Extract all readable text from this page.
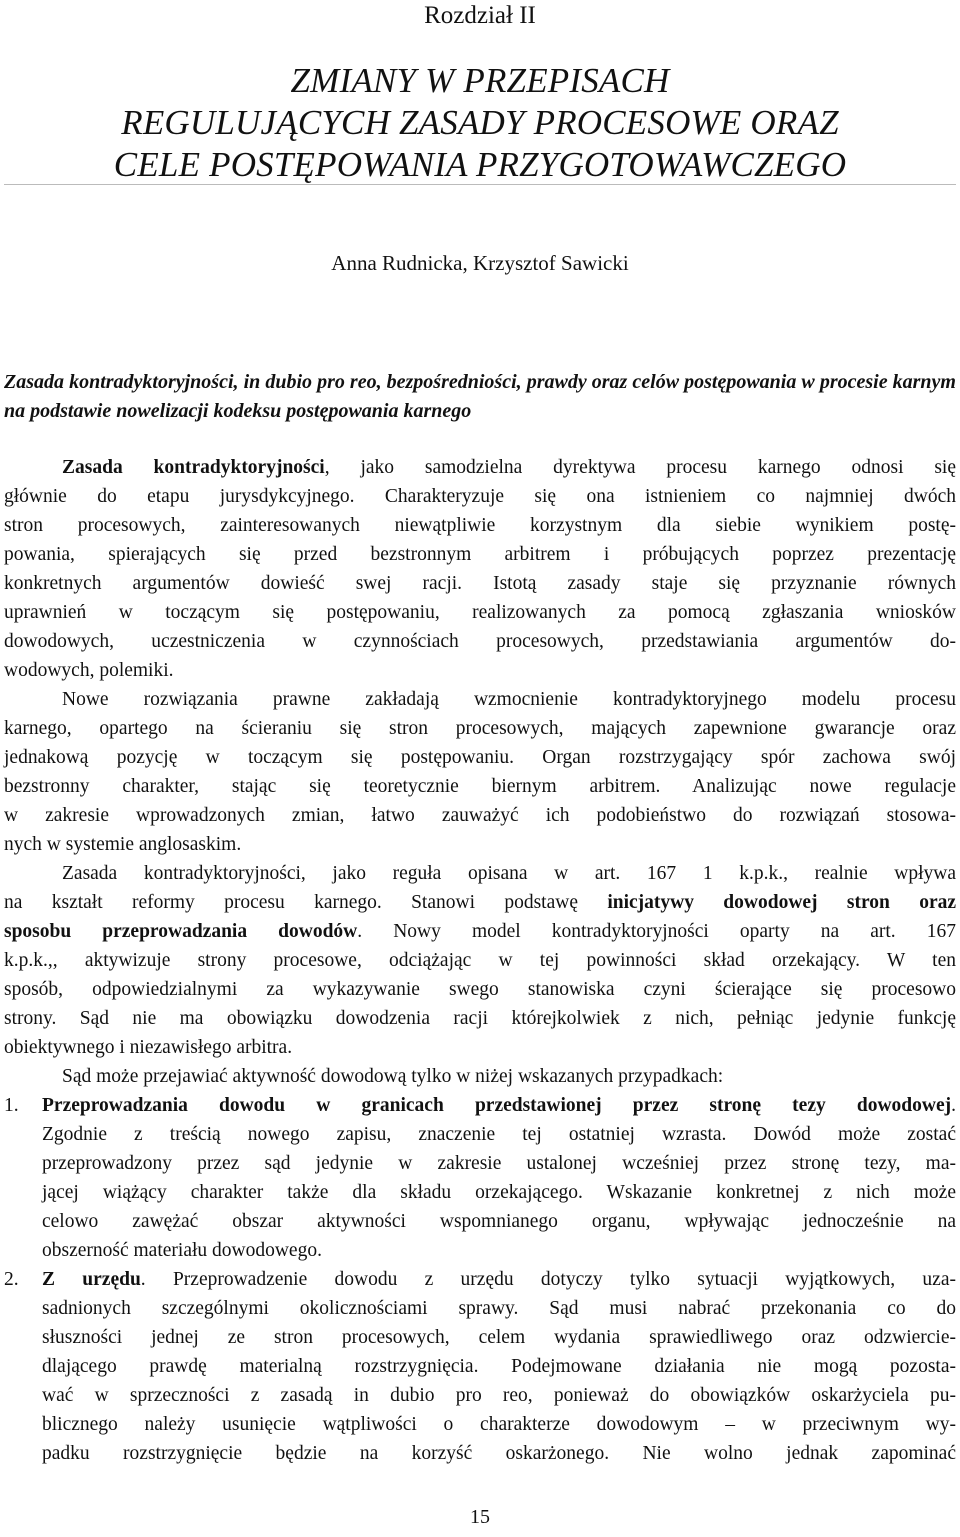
Rozdział II
ZMIANY W PRZEPISACH
REGULUJĄCYCH ZASADY PROCESOWE ORAZ
CELE POSTĘPOWANIA PRZYGOTOWAWCZEGO
Anna Rudnicka, Krzysztof Sawicki
Zasada kontradyktoryjności, in dubio pro reo, bezpośredniości, prawdy oraz celów postępowania w procesie karnym na podstawie nowelizacji kodeksu postępowania karnego
Zasada kontradyktoryjności, jako samodzielna dyrektywa procesu karnego odnosi się
głównie do etapu jurysdykcyjnego. Charakteryzuje się ona istnieniem co najmniej dwóch
stron procesowych, zainteresowanych niewątpliwie korzystnym dla siebie wynikiem postę-
powania, spierających się przed bezstronnym arbitrem i próbujących poprzez prezentację
konkretnych argumentów dowieść swej racji. Istotą zasady staje się przyznanie równych
uprawnień w toczącym się postępowaniu, realizowanych za pomocą zgłaszania wniosków
dowodowych, uczestniczenia w czynnościach procesowych, przedstawiania argumentów do-
wodowych, polemiki.
Nowe rozwiązania prawne zakładają wzmocnienie kontradyktoryjnego modelu procesu
karnego, opartego na ścieraniu się stron procesowych, mających zapewnione gwarancje oraz
jednakową pozycję w toczącym się postępowaniu. Organ rozstrzygający spór zachowa swój
bezstronny charakter, stając się teoretycznie biernym arbitrem. Analizując nowe regulacje
w zakresie wprowadzonych zmian, łatwo zauważyć ich podobieństwo do rozwiązań stosowa-
nych w systemie anglosaskim.
Zasada kontradyktoryjności, jako reguła opisana w art. 167 1 k.p.k., realnie wpływa
na kształt reformy procesu karnego. Stanowi podstawę inicjatywy dowodowej stron oraz
sposobu przeprowadzania dowodów. Nowy model kontradyktoryjności oparty na art. 167
k.p.k.,, aktywizuje strony procesowe, odciążając w tej powinności skład orzekający. W ten
sposób, odpowiedzialnymi za wykazywanie swego stanowiska czyni ścierające się procesowo
strony. Sąd nie ma obowiązku dowodzenia racji którejkolwiek z nich, pełniąc jedynie funkcję
obiektywnego i niezawisłego arbitra.
Sąd może przejawiać aktywność dowodową tylko w niżej wskazanych przypadkach:
1.	Przeprowadzania dowodu w granicach przedstawionej przez stronę tezy dowodowej.
Zgodnie z treścią nowego zapisu, znaczenie tej ostatniej wzrasta. Dowód może zostać
przeprowadzony przez sąd jedynie w zakresie ustalonej wcześniej przez stronę tezy, ma-
jącej wiążący charakter także dla składu orzekającego. Wskazanie konkretnej z nich może
celowo zawężać obszar aktywności wspomnianego organu, wpływając jednocześnie na
obszerność materiału dowodowego.
2.	Z urzędu. Przeprowadzenie dowodu z urzędu dotyczy tylko sytuacji wyjątkowych, uza-
sadnionych szczególnymi okolicznościami sprawy. Sąd musi nabrać przekonania co do
słuszności jednej ze stron procesowych, celem wydania sprawiedliwego oraz odzwiercie-
dlającego prawdę materialną rozstrzygnięcia. Podejmowane działania nie mogą pozosta-
wać w sprzeczności z zasadą in dubio pro reo, ponieważ do obowiązków oskarżyciela pu-
blicznego należy usunięcie wątpliwości o charakterze dowodowym – w przeciwnym wy-
padku rozstrzygnięcie będzie na korzyść oskarżonego. Nie wolno jednak zapominać
15
